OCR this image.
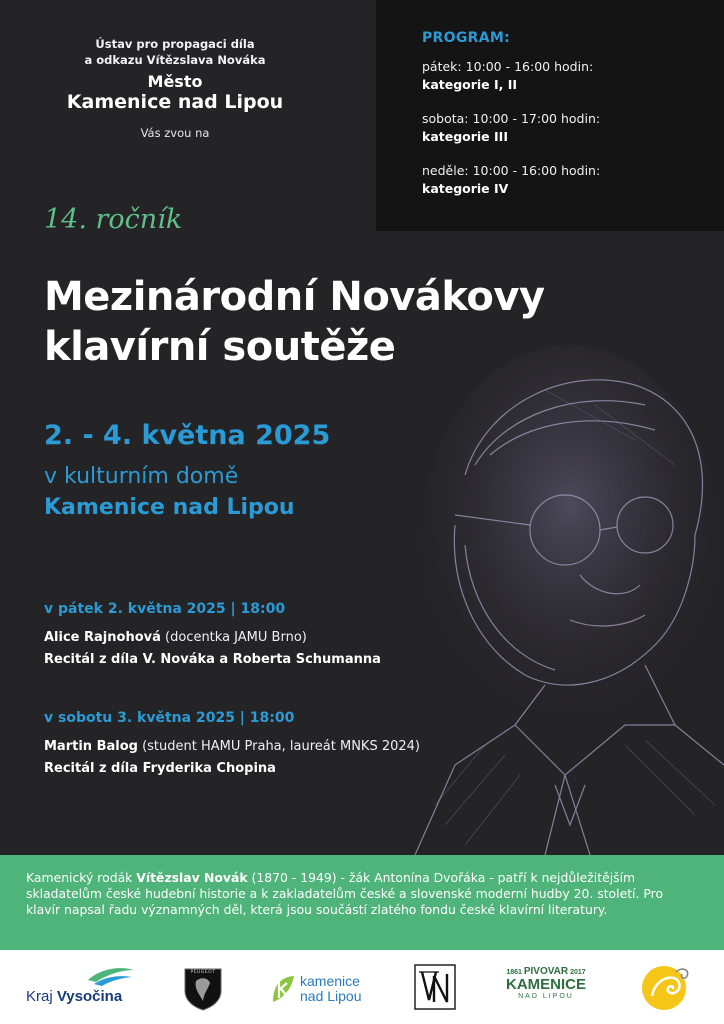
Ústav pro propagaci díla
a odkazu Vítězslava Nováka
Město
Kamenice nad Lipou
Vás zvou na
PROGRAM:
pátek: 10:00 - 16:00 hodin:
kategorie I, II
sobota: 10:00 - 17:00 hodin:
kategorie III
neděle: 10:00 - 16:00 hodin:
kategorie IV
14. ročník
Mezinárodní Novákovy
klavírní soutěže
2. - 4. května 2025
v kulturním domě
Kamenice nad Lipou
v pátek 2. května 2025 | 18:00
Alice Rajnohová (docentka JAMU Brno)
Recitál z díla V. Nováka a Roberta Schumanna
v sobotu 3. května 2025 | 18:00
Martin Balog (student HAMU Praha, laureát MNKS 2024)
Recitál z díla Fryderika Chopina

Kamenický rodák Vítězslav Novák (1870 - 1949) - žák Antonína Dvořáka - patří k nejdůležitějším skladatelům české hudební historie a k zakladatelům české a slovenské moderní hudby 20. století. Pro klavír napsal řadu významných děl, která jsou součástí zlatého fondu české klavírní literatury.

Kraj Vysočina
PEUGEOT
kamenice
nad Lipou
1861 PIVOVAR 2017
KAMENICE
NAD LIPOU
